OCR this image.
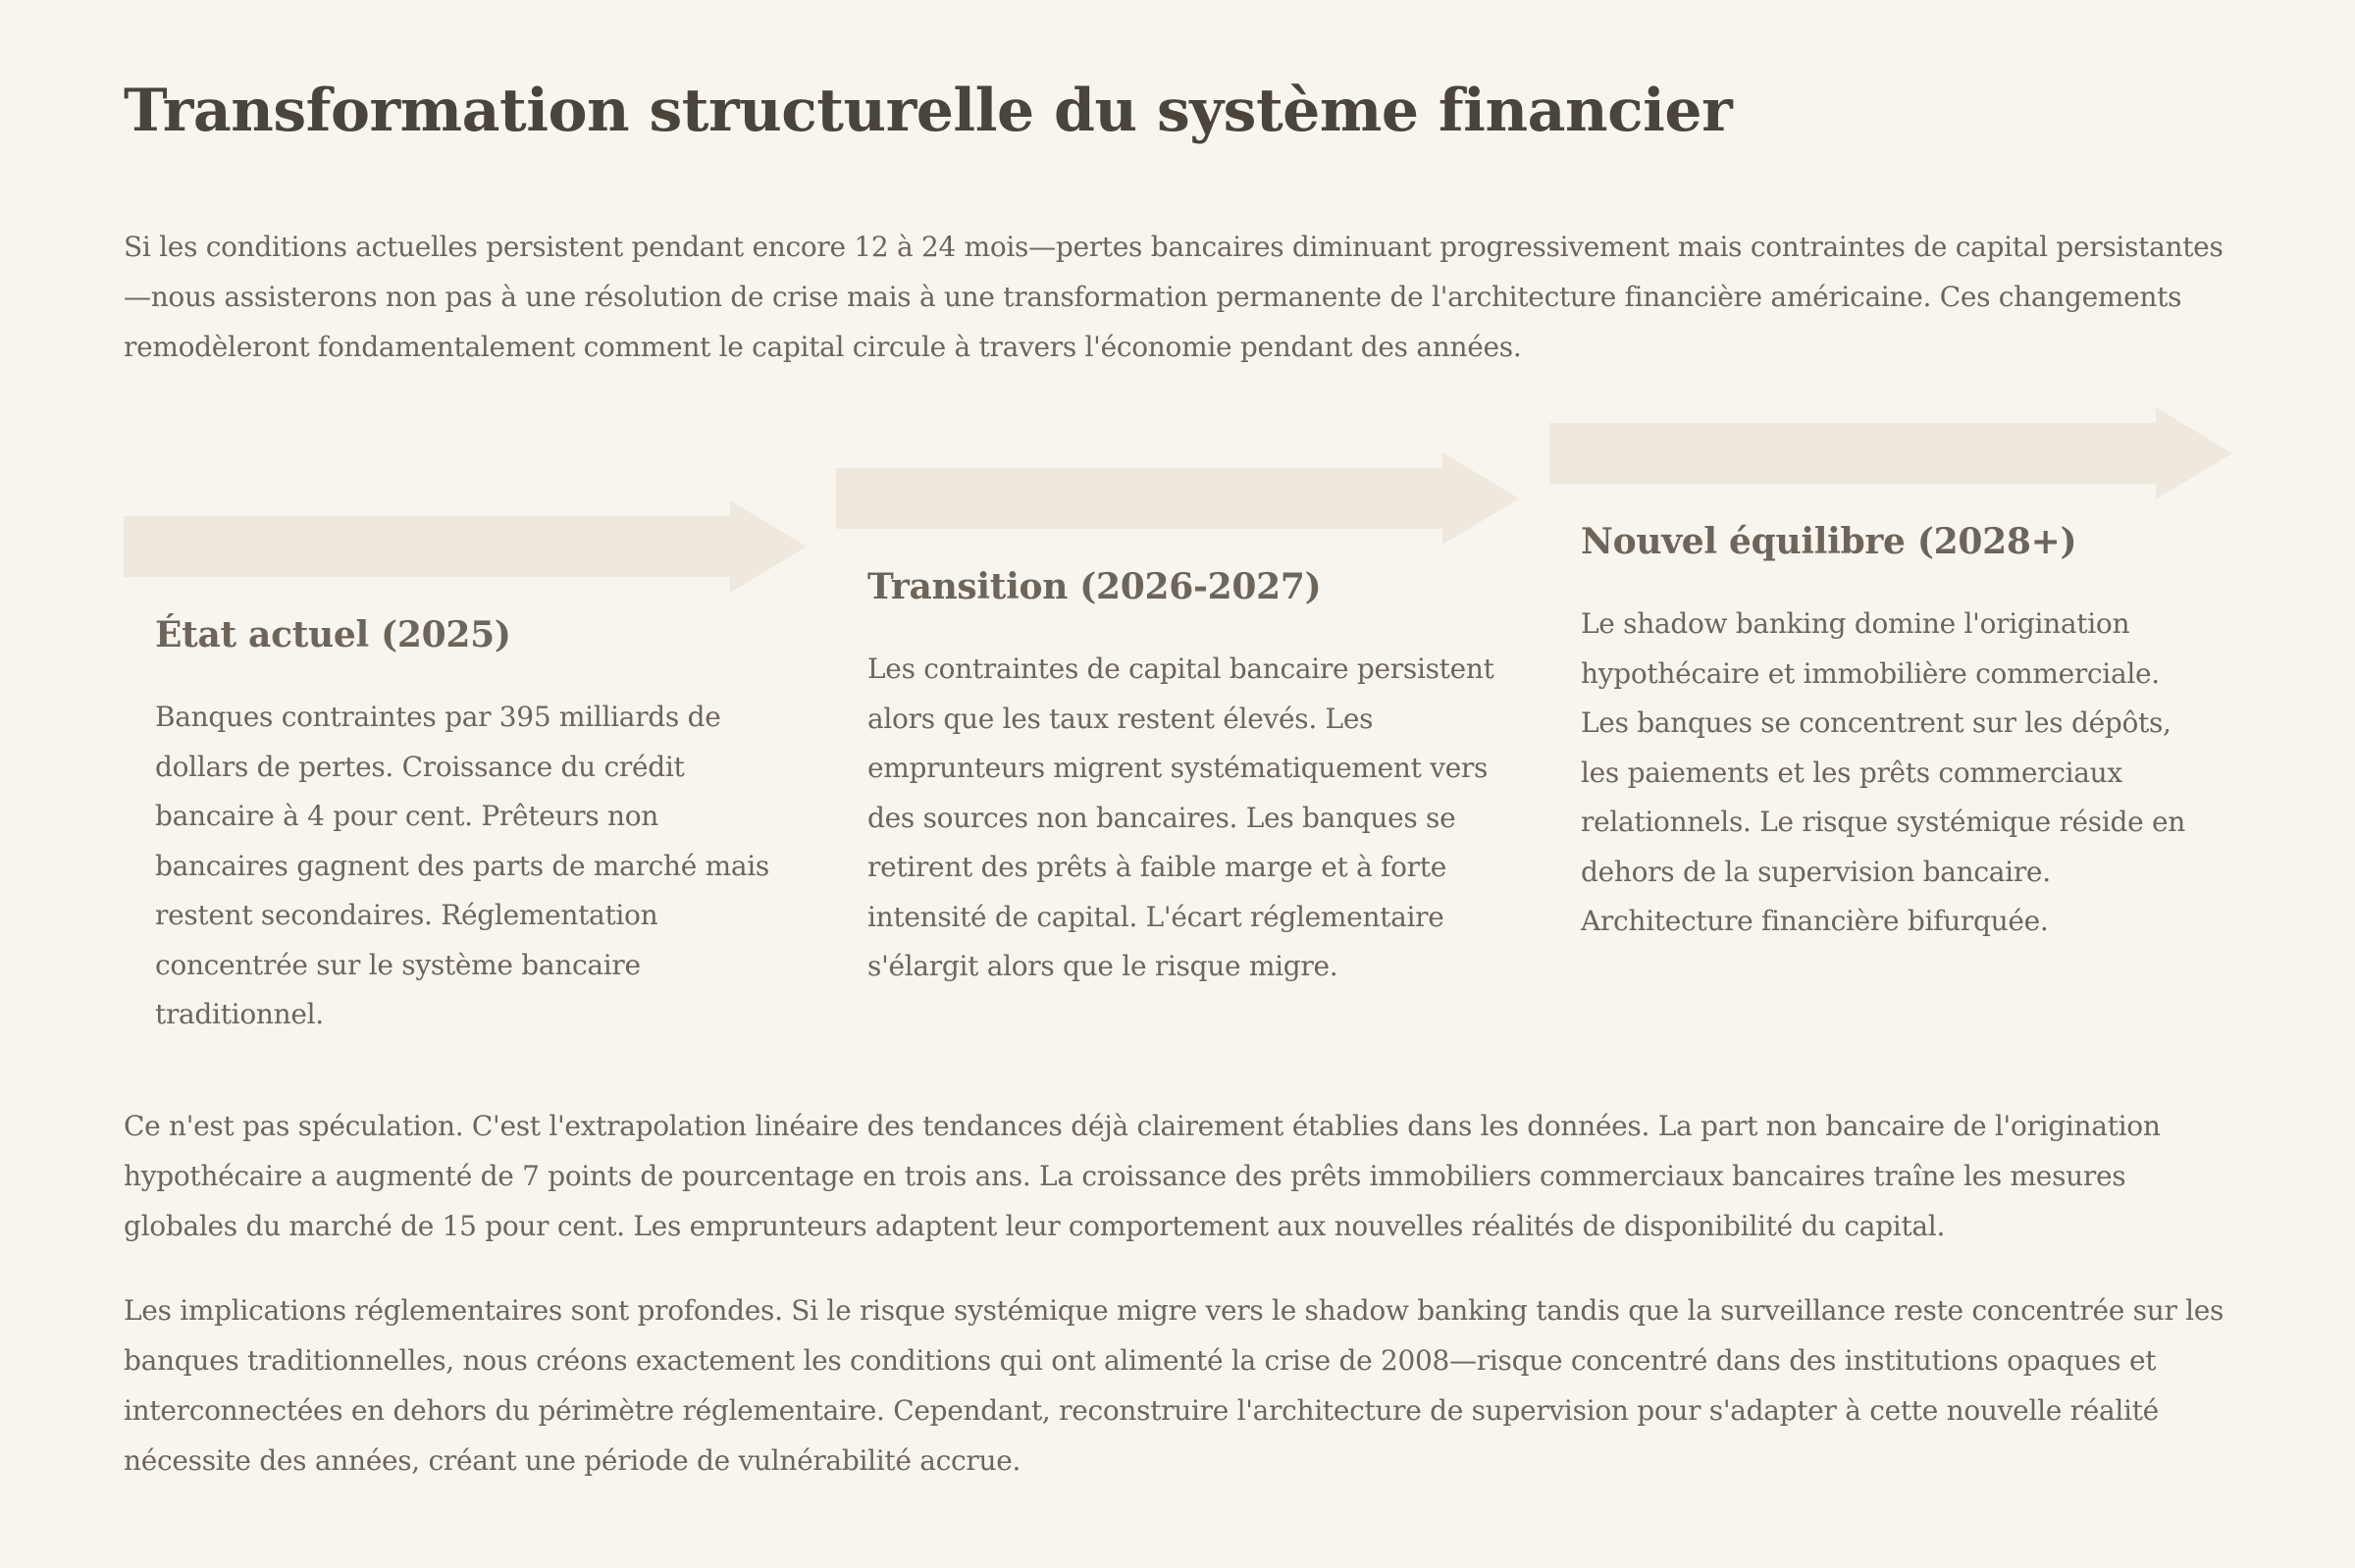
Transformation structurelle du système financier

Si les conditions actuelles persistent pendant encore 12 à 24 mois—pertes bancaires diminuant progressivement mais contraintes de capital persistantes—nous assisterons non pas à une résolution de crise mais à une transformation permanente de l'architecture financière américaine. Ces changements remodèleront fondamentalement comment le capital circule à travers l'économie pendant des années.

État actuel (2025)

Banques contraintes par 395 milliards de dollars de pertes. Croissance du crédit bancaire à 4 pour cent. Prêteurs non bancaires gagnent des parts de marché mais restent secondaires. Réglementation concentrée sur le système bancaire traditionnel.

Transition (2026-2027)

Les contraintes de capital bancaire persistent alors que les taux restent élevés. Les emprunteurs migrent systématiquement vers des sources non bancaires. Les banques se retirent des prêts à faible marge et à forte intensité de capital. L'écart réglementaire s'élargit alors que le risque migre.

Nouvel équilibre (2028+)

Le shadow banking domine l'origination hypothécaire et immobilière commerciale. Les banques se concentrent sur les dépôts, les paiements et les prêts commerciaux relationnels. Le risque systémique réside en dehors de la supervision bancaire. Architecture financière bifurquée.

Ce n'est pas spéculation. C'est l'extrapolation linéaire des tendances déjà clairement établies dans les données. La part non bancaire de l'origination hypothécaire a augmenté de 7 points de pourcentage en trois ans. La croissance des prêts immobiliers commerciaux bancaires traîne les mesures globales du marché de 15 pour cent. Les emprunteurs adaptent leur comportement aux nouvelles réalités de disponibilité du capital.

Les implications réglementaires sont profondes. Si le risque systémique migre vers le shadow banking tandis que la surveillance reste concentrée sur les banques traditionnelles, nous créons exactement les conditions qui ont alimenté la crise de 2008—risque concentré dans des institutions opaques et interconnectées en dehors du périmètre réglementaire. Cependant, reconstruire l'architecture de supervision pour s'adapter à cette nouvelle réalité nécessite des années, créant une période de vulnérabilité accrue.
